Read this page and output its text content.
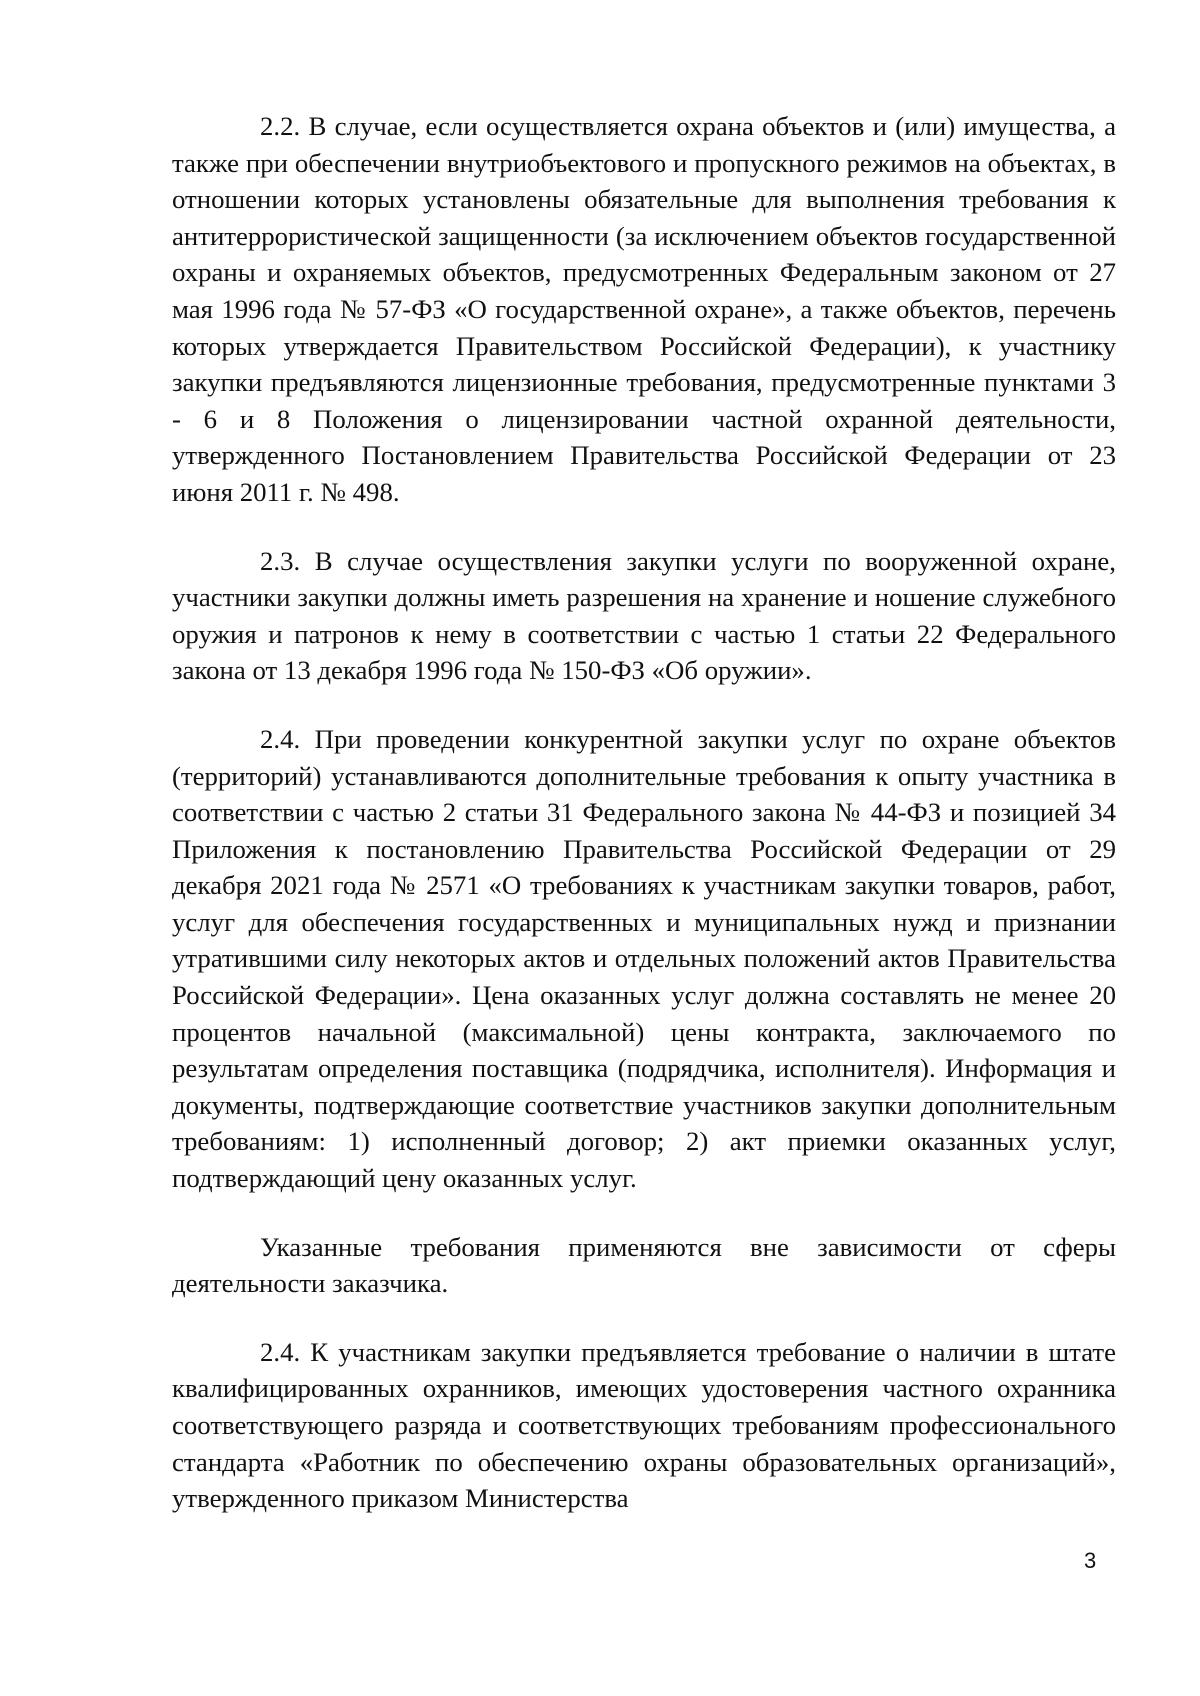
2.2. В случае, если осуществляется охрана объектов и (или) имущества, а также при обеспечении внутриобъектового и пропускного режимов на объектах, в отношении которых установлены обязательные для выполнения требования к антитеррористической защищенности (за исключением объектов государственной охраны и охраняемых объектов, предусмотренных Федеральным законом от 27 мая 1996 года № 57-ФЗ «О государственной охране», а также объектов, перечень которых утверждается Правительством Российской Федерации), к участнику закупки предъявляются лицензионные требования, предусмотренные пунктами 3 - 6 и 8 Положения о лицензировании частной охранной деятельности, утвержденного Постановлением Правительства Российской Федерации от 23 июня 2011 г. № 498.

2.3. В случае осуществления закупки услуги по вооруженной охране, участники закупки должны иметь разрешения на хранение и ношение служебного оружия и патронов к нему в соответствии с частью 1 статьи 22 Федерального закона от 13 декабря 1996 года № 150-ФЗ «Об оружии».

2.4. При проведении конкурентной закупки услуг по охране объектов (территорий) устанавливаются дополнительные требования к опыту участника в соответствии с частью 2 статьи 31 Федерального закона № 44-ФЗ и позицией 34 Приложения к постановлению Правительства Российской Федерации от 29 декабря 2021 года № 2571 «О требованиях к участникам закупки товаров, работ, услуг для обеспечения государственных и муниципальных нужд и признании утратившими силу некоторых актов и отдельных положений актов Правительства Российской Федерации». Цена оказанных услуг должна составлять не менее 20 процентов начальной (максимальной) цены контракта, заключаемого по результатам определения поставщика (подрядчика, исполнителя). Информация и документы, подтверждающие соответствие участников закупки дополнительным требованиям: 1) исполненный договор; 2) акт приемки оказанных услуг, подтверждающий цену оказанных услуг.

Указанные требования применяются вне зависимости от сферы деятельности заказчика.

2.4. К участникам закупки предъявляется требование о наличии в штате квалифицированных охранников, имеющих удостоверения частного охранника соответствующего разряда и соответствующих требованиям профессионального стандарта «Работник по обеспечению охраны образовательных организаций», утвержденного приказом Министерства

3
